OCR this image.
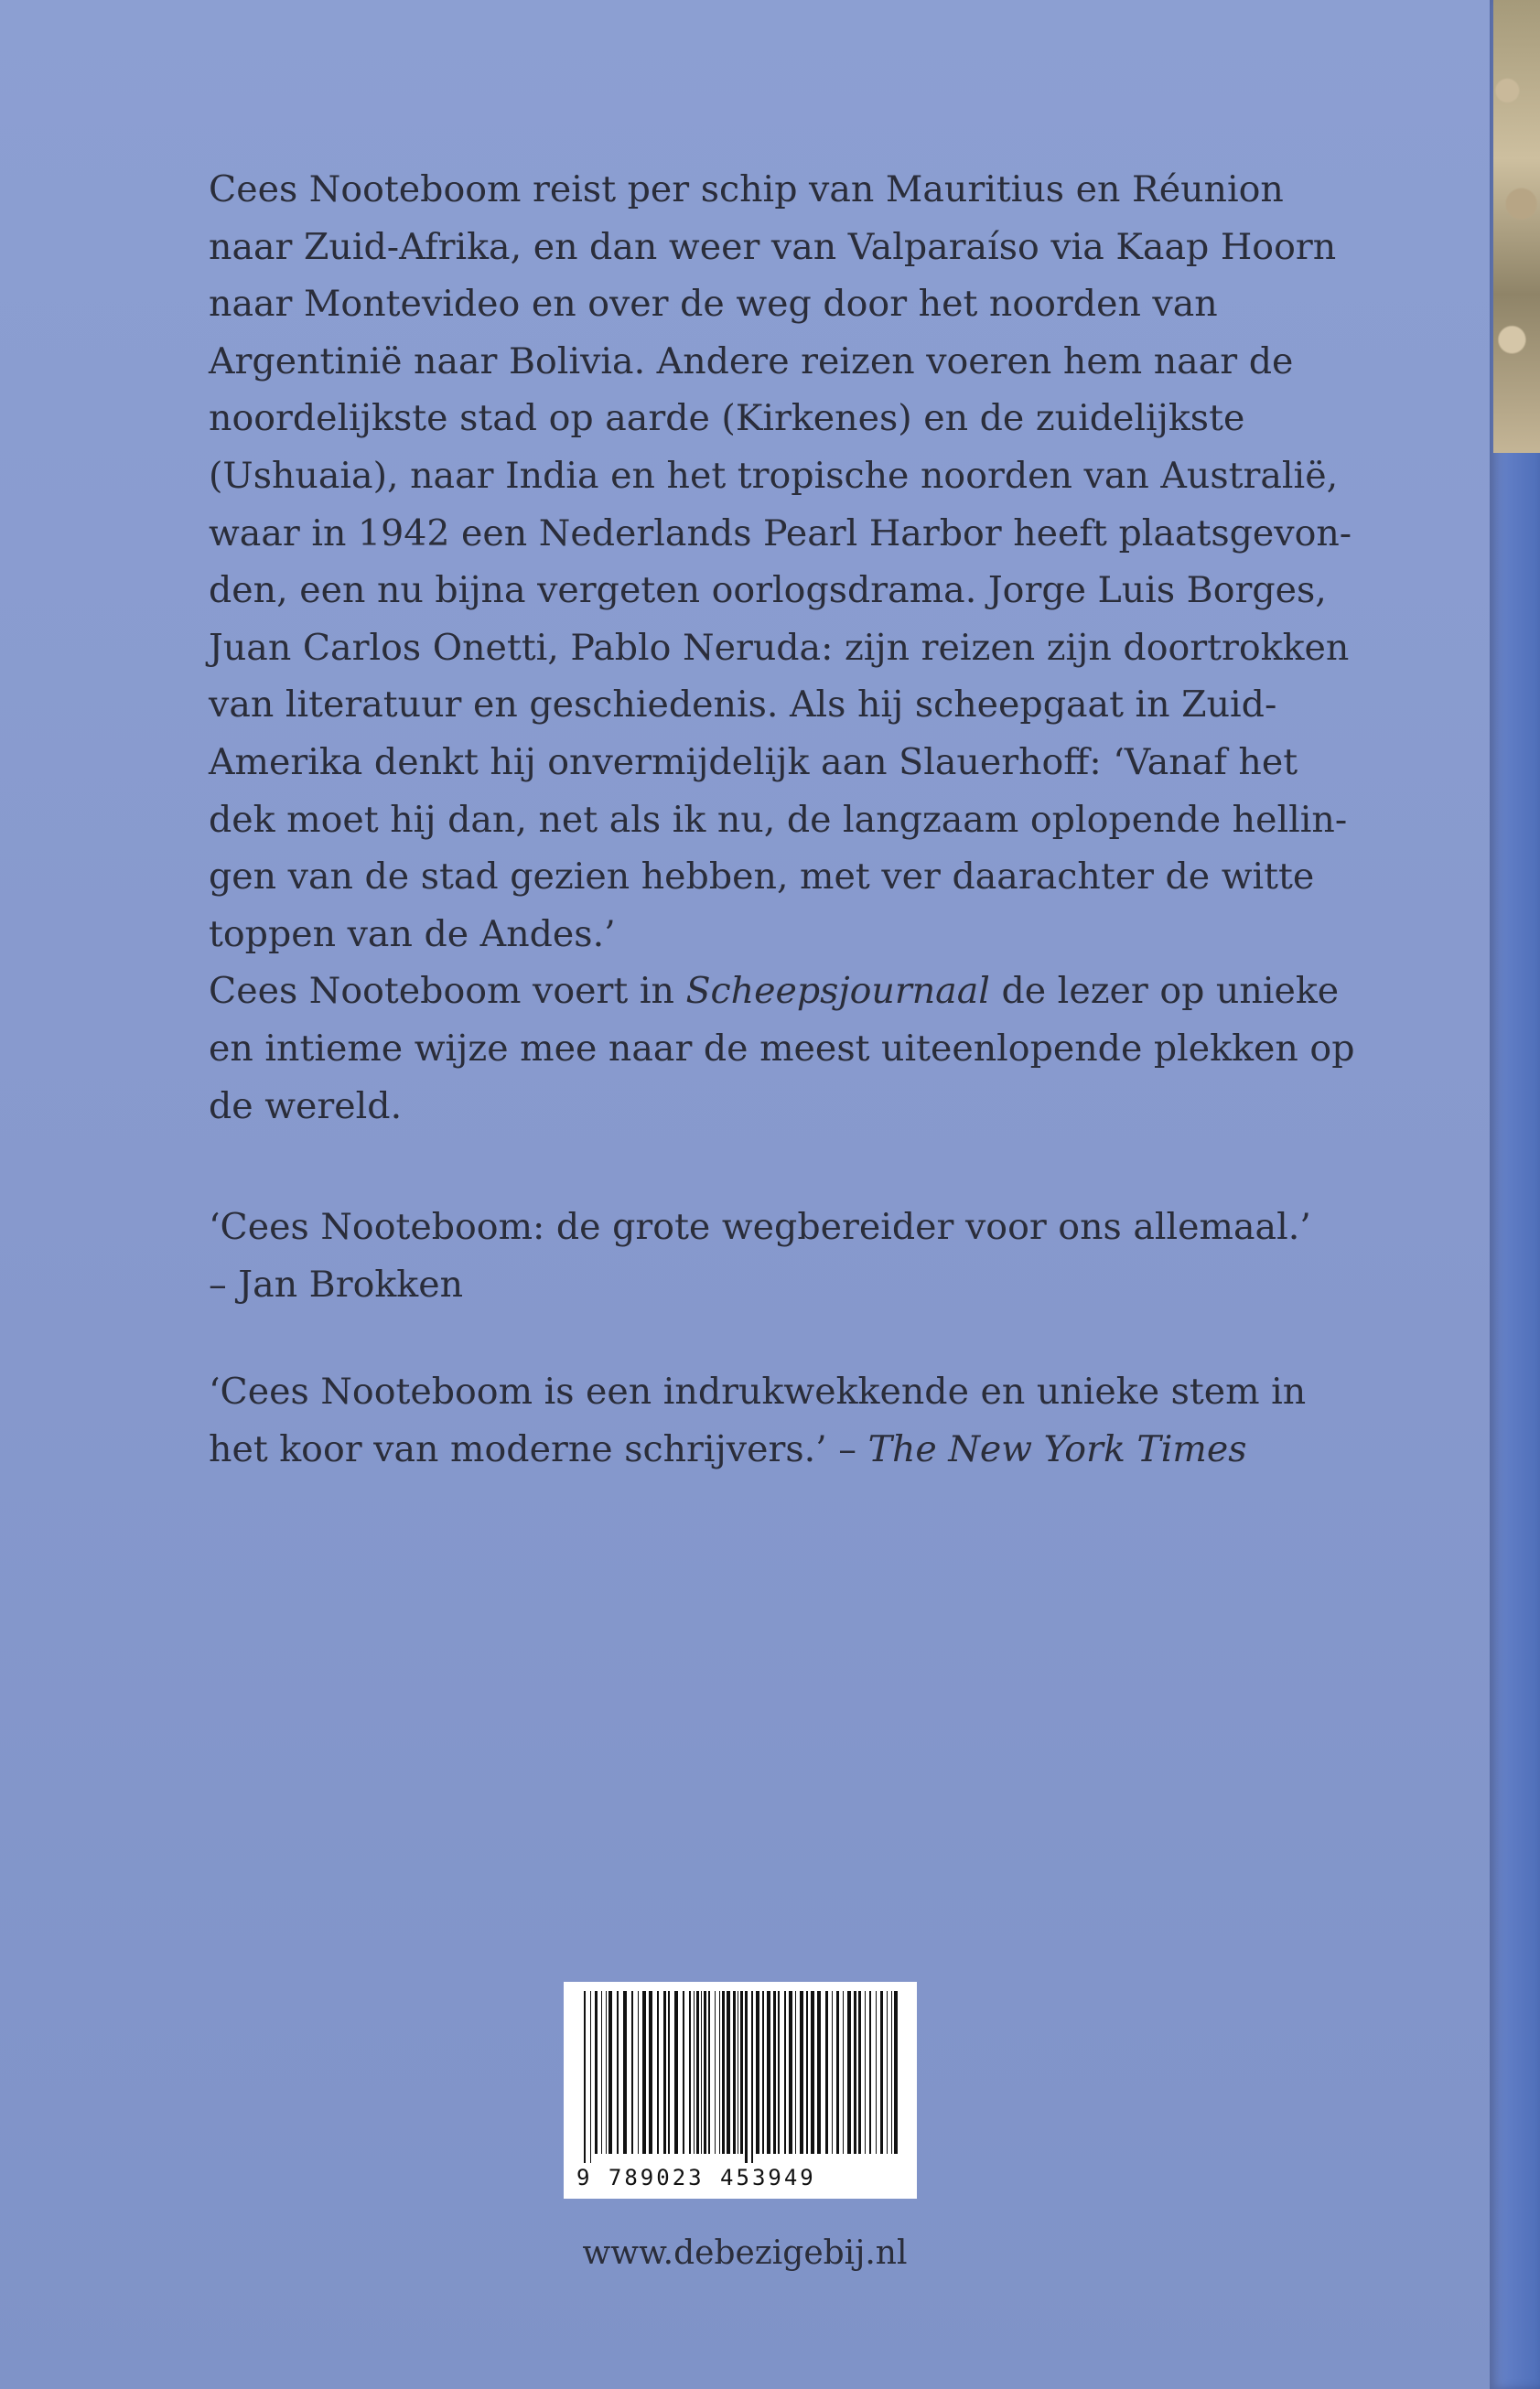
Cees Nooteboom reist per schip van Mauritius en Réunion
naar Zuid-Afrika, en dan weer van Valparaíso via Kaap Hoorn
naar Montevideo en over de weg door het noorden van
Argentinië naar Bolivia. Andere reizen voeren hem naar de
noordelijkste stad op aarde (Kirkenes) en de zuidelijkste
(Ushuaia), naar India en het tropische noorden van Australië,
waar in 1942 een Nederlands Pearl Harbor heeft plaatsgevon-
den, een nu bijna vergeten oorlogsdrama. Jorge Luis Borges,
Juan Carlos Onetti, Pablo Neruda: zijn reizen zijn doortrokken
van literatuur en geschiedenis. Als hij scheepgaat in Zuid-
Amerika denkt hij onvermijdelijk aan Slauerhoff: ‘Vanaf het
dek moet hij dan, net als ik nu, de langzaam oplopende hellin-
gen van de stad gezien hebben, met ver daarachter de witte
toppen van de Andes.’
Cees Nooteboom voert in Scheepsjournaal de lezer op unieke
en intieme wijze mee naar de meest uiteenlopende plekken op
de wereld.
‘Cees Nooteboom: de grote wegbereider voor ons allemaal.’
– Jan Brokken
‘Cees Nooteboom is een indrukwekkende en unieke stem in
het koor van moderne schrijvers.’ – The New York Times
9 789023 453949
www.debezigebij.nl
